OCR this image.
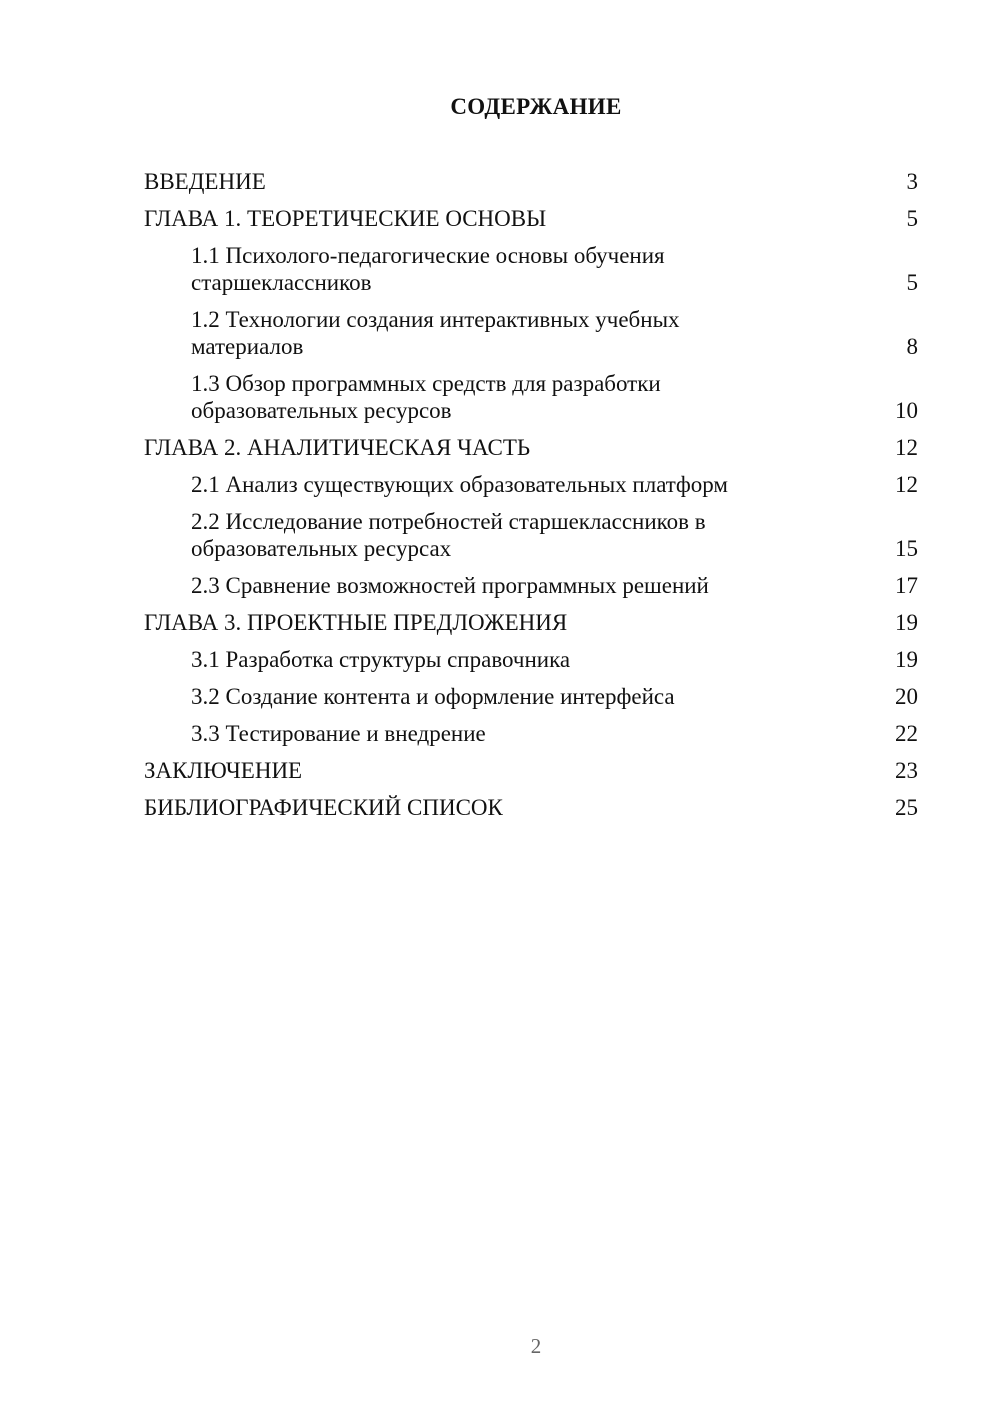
СОДЕРЖАНИЕ
ВВЕДЕНИЕ	3
ГЛАВА 1. ТЕОРЕТИЧЕСКИЕ ОСНОВЫ	5
1.1 Психолого-педагогические основы обучения старшеклассников	5
1.2 Технологии создания интерактивных учебных материалов	8
1.3 Обзор программных средств для разработки образовательных ресурсов	10
ГЛАВА 2. АНАЛИТИЧЕСКАЯ ЧАСТЬ	12
2.1 Анализ существующих образовательных платформ	12
2.2 Исследование потребностей старшеклассников в образовательных ресурсах	15
2.3 Сравнение возможностей программных решений	17
ГЛАВА 3. ПРОЕКТНЫЕ ПРЕДЛОЖЕНИЯ	19
3.1 Разработка структуры справочника	19
3.2 Создание контента и оформление интерфейса	20
3.3 Тестирование и внедрение	22
ЗАКЛЮЧЕНИЕ	23
БИБЛИОГРАФИЧЕСКИЙ СПИСОК	25
2
